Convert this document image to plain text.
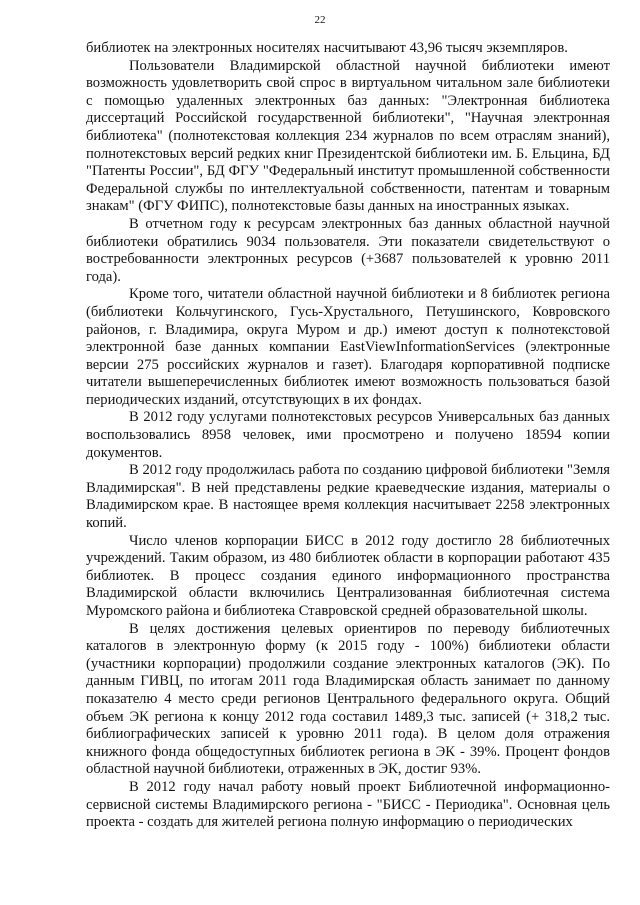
22

библиотек на электронных носителях насчитывают 43,96 тысяч экземпляров.

Пользователи Владимирской областной научной библиотеки имеют возможность удовлетворить свой спрос в виртуальном читальном зале библиотеки с помощью удаленных электронных баз данных: "Электронная библиотека диссертаций Российской государственной библиотеки", "Научная электронная библиотека" (полнотекстовая коллекция 234 журналов по всем отраслям знаний), полнотекстовых версий редких книг Президентской библиотеки им. Б. Ельцина, БД "Патенты России", БД ФГУ "Федеральный институт промышленной собственности Федеральной службы по интеллектуальной собственности, патентам и товарным знакам" (ФГУ ФИПС), полнотекстовые базы данных на иностранных языках.

В отчетном году к ресурсам электронных баз данных областной научной библиотеки обратились 9034 пользователя. Эти показатели свидетельствуют о востребованности электронных ресурсов (+3687 пользователей к уровню 2011 года).

Кроме того, читатели областной научной библиотеки и 8 библиотек региона (библиотеки Кольчугинского, Гусь-Хрустального, Петушинского, Ковровского районов, г. Владимира, округа Муром и др.) имеют доступ к полнотекстовой электронной базе данных компании EastViewInformationServices (электронные версии 275 российских журналов и газет). Благодаря корпоративной подписке читатели вышеперечисленных библиотек имеют возможность пользоваться базой периодических изданий, отсутствующих в их фондах.

В 2012 году услугами полнотекстовых ресурсов Универсальных баз данных воспользовались 8958 человек, ими просмотрено и получено 18594 копии документов.

В 2012 году продолжилась работа по созданию цифровой библиотеки "Земля Владимирская". В ней представлены редкие краеведческие издания, материалы о Владимирском крае. В настоящее время коллекция насчитывает 2258 электронных копий.

Число членов корпорации БИСС в 2012 году достигло 28 библиотечных учреждений. Таким образом, из 480 библиотек области в корпорации работают 435 библиотек. В процесс создания единого информационного пространства Владимирской области включились Централизованная библиотечная система Муромского района и библиотека Ставровской средней образовательной школы.

В целях достижения целевых ориентиров по переводу библиотечных каталогов в электронную форму (к 2015 году - 100%) библиотеки области (участники корпорации) продолжили создание электронных каталогов (ЭК). По данным ГИВЦ, по итогам 2011 года Владимирская область занимает по данному показателю 4 место среди регионов Центрального федерального округа. Общий объем ЭК региона к концу 2012 года составил 1489,3 тыс. записей (+ 318,2 тыс. библиографических записей к уровню 2011 года). В целом доля отражения книжного фонда общедоступных библиотек региона в ЭК - 39%. Процент фондов областной научной библиотеки, отраженных в ЭК, достиг 93%.

В 2012 году начал работу новый проект Библиотечной информационно-сервисной системы Владимирского региона - "БИСС - Периодика". Основная цель проекта - создать для жителей региона полную информацию о периодических
